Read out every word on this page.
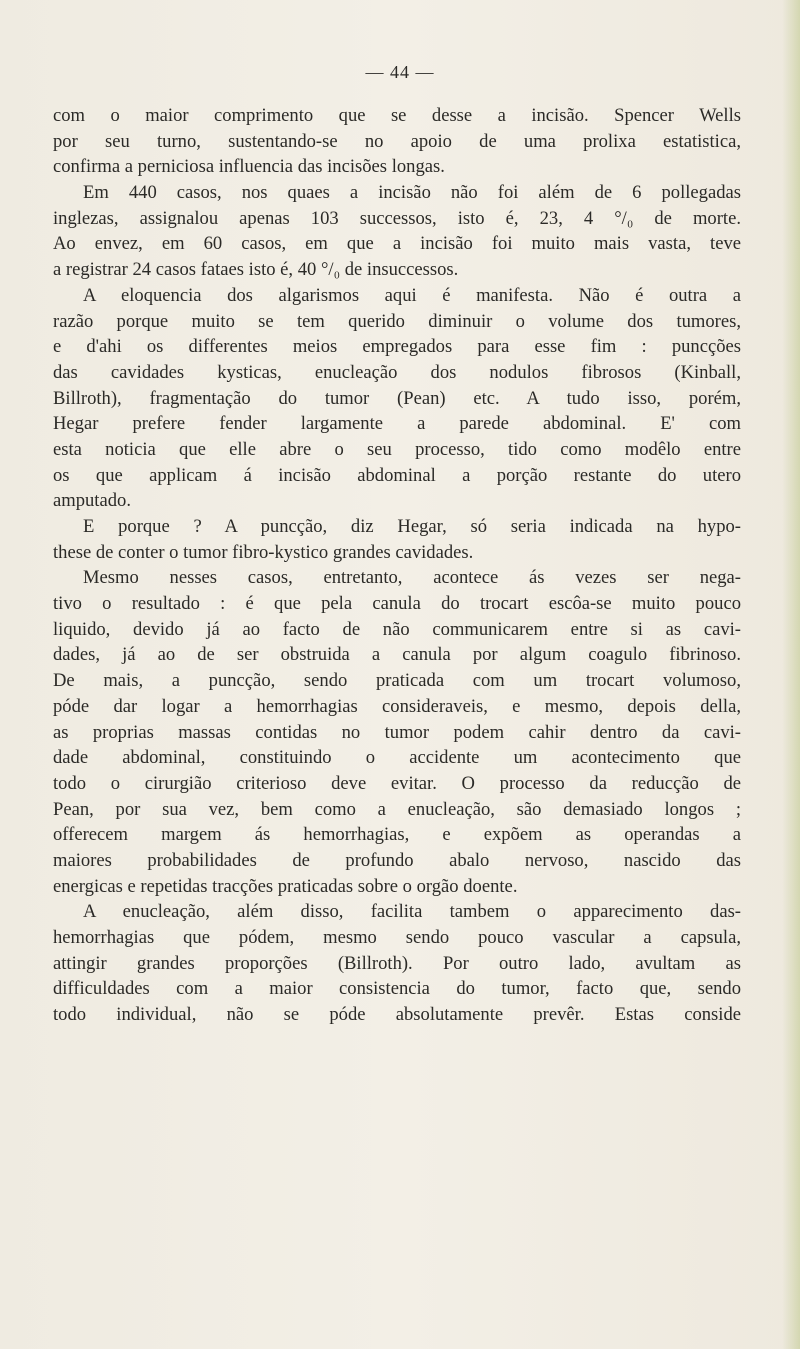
— 44 —
com o maior comprimento que se desse a incisão. Spencer Wells
por seu turno, sustentando-se no apoio de uma prolixa estatistica,
confirma a perniciosa influencia das incisões longas.
Em 440 casos, nos quaes a incisão não foi além de 6 pollegadas
inglezas, assignalou apenas 103 successos, isto é, 23, 4 °/₀ de morte.
Ao envez, em 60 casos, em que a incisão foi muito mais vasta, teve
a registrar 24 casos fataes isto é, 40 °/₀ de insuccessos.
A eloquencia dos algarismos aqui é manifesta. Não é outra a
razão porque muito se tem querido diminuir o volume dos tumores,
e d'ahi os differentes meios empregados para esse fim : puncções
das cavidades kysticas, enucleação dos nodulos fibrosos (Kinball,
Billroth), fragmentação do tumor (Pean) etc. A tudo isso, porém,
Hegar prefere fender largamente a parede abdominal. E' com
esta noticia que elle abre o seu processo, tido como modêlo entre
os que applicam á incisão abdominal a porção restante do utero
amputado.
E porque ? A puncção, diz Hegar, só seria indicada na hypo-
these de conter o tumor fibro-kystico grandes cavidades.
Mesmo nesses casos, entretanto, acontece ás vezes ser nega-
tivo o resultado : é que pela canula do trocart escôa-se muito pouco
liquido, devido já ao facto de não communicarem entre si as cavi-
dades, já ao de ser obstruida a canula por algum coagulo fibrinoso.
De mais, a puncção, sendo praticada com um trocart volumoso,
póde dar logar a hemorrhagias consideraveis, e mesmo, depois della,
as proprias massas contidas no tumor podem cahir dentro da cavi-
dade abdominal, constituindo o accidente um acontecimento que
todo o cirurgião criterioso deve evitar. O processo da reducção de
Pean, por sua vez, bem como a enucleação, são demasiado longos ;
offerecem margem ás hemorrhagias, e expõem as operandas a
maiores probabilidades de profundo abalo nervoso, nascido das
energicas e repetidas tracções praticadas sobre o orgão doente.
A enucleação, além disso, facilita tambem o apparecimento das-
hemorrhagias que pódem, mesmo sendo pouco vascular a capsula,
attingir grandes proporções (Billroth). Por outro lado, avultam as
difficuldades com a maior consistencia do tumor, facto que, sendo
todo individual, não se póde absolutamente prevêr. Estas conside
